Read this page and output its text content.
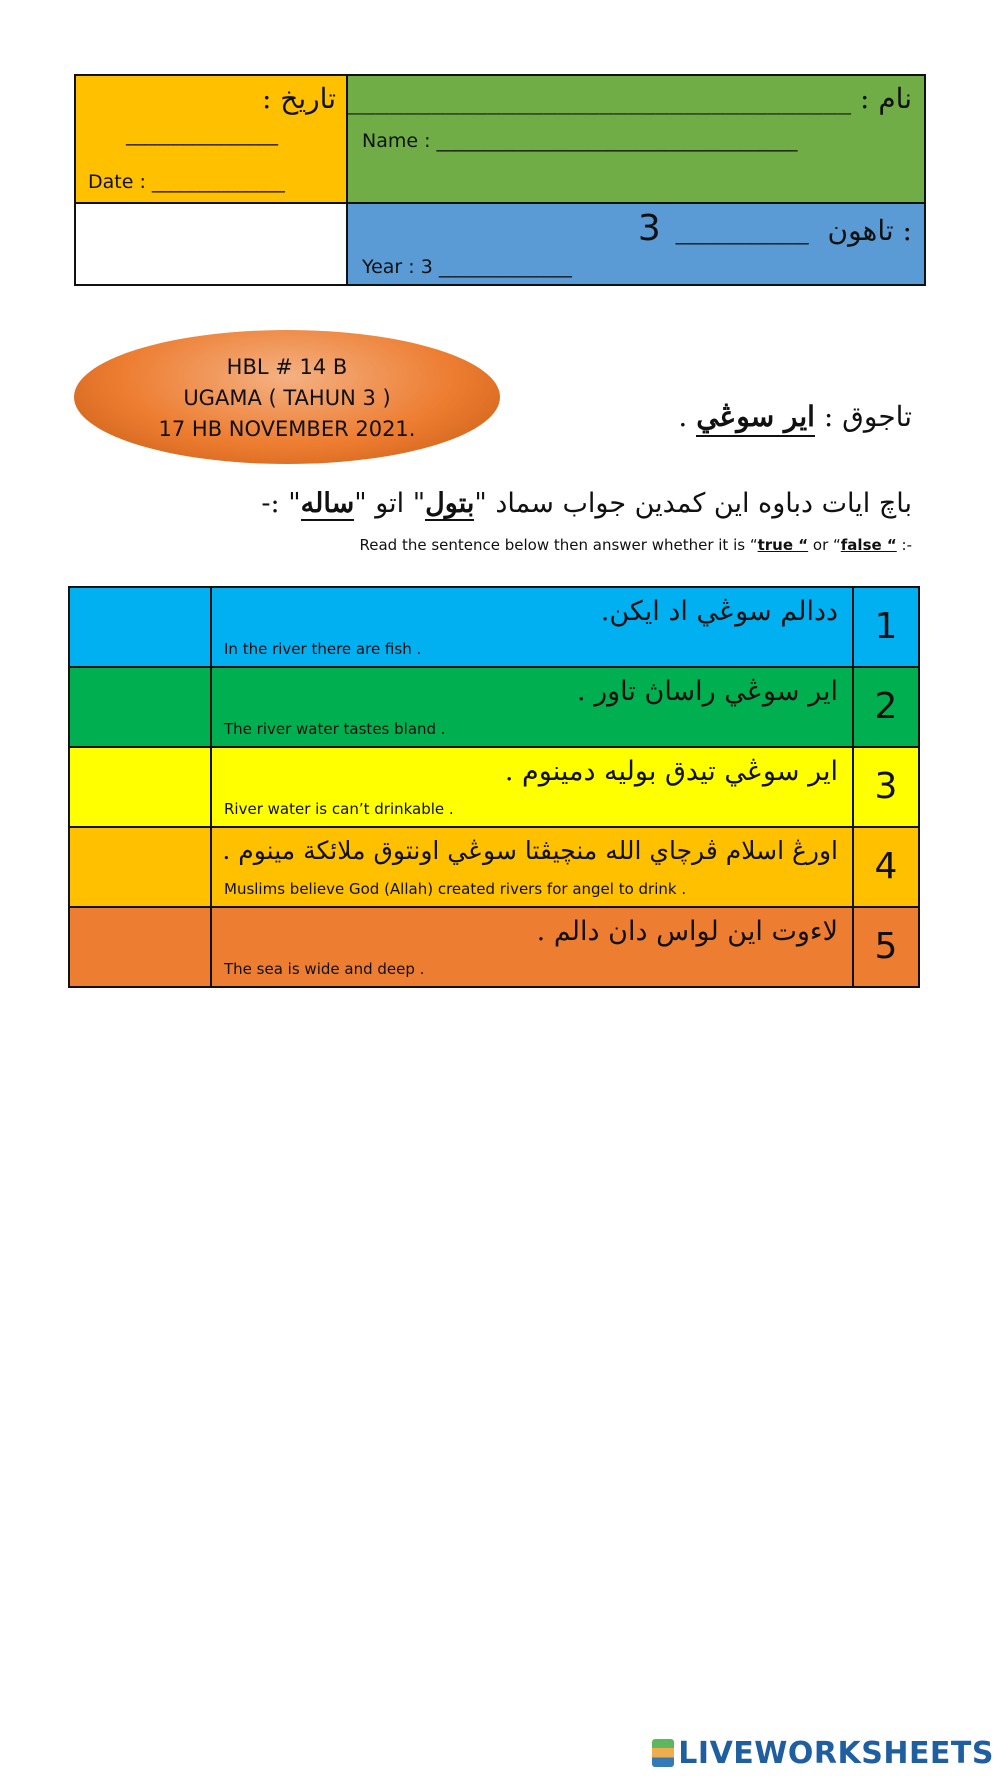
تاريخ :
________________
Date : ______________
نام : ____________________________________
Name : ______________________________________
3 ______________ تاهون :
Year : 3 ______________
HBL # 14 B
UGAMA ( TAHUN 3 )
17 HB NOVEMBER 2021.	تاجوق : اير سوڠي .
باچ ايات دباوه اين كمدين جواب سماد "بتول" اتو "ساله" :-
Read the sentence below then answer whether it is “true “ or “false “ :-
ددالم سوڠي اد ايكن.
In the river there are fish .
1
اير سوڠي راساڽ تاور .
The river water tastes bland .
2
اير سوڠي تيدق بوليه دمينوم .
River water is can’t drinkable .
3
اورڠ اسلام ڤرچاي الله منچيڤتا سوڠي اونتوق ملائكة مينوم .
Muslims believe God (Allah) created rivers for angel to drink .
4
لاءوت اين لواس دان دالم .
The sea is wide and deep .
5
LIVEWORKSHEETS
